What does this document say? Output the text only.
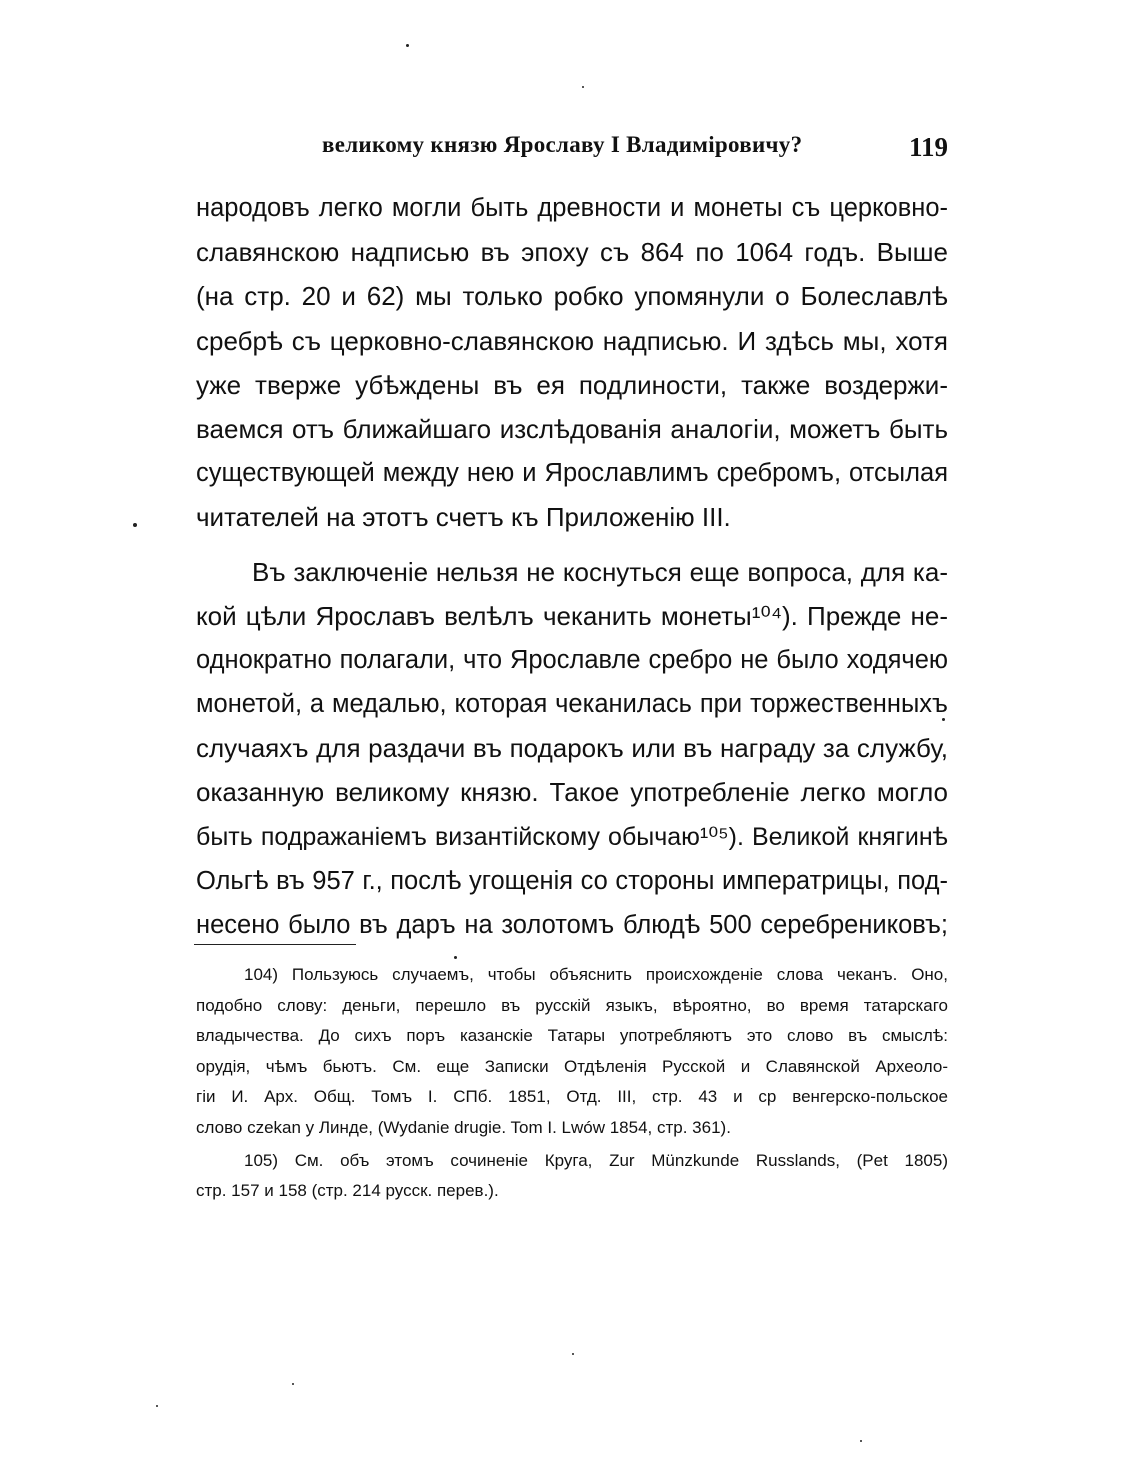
великому князю Ярославу I Владиміровичу?	119
народовъ легко могли быть древности и монеты съ церковно-
славянскою надписью въ эпоху съ 864 по 1064 годъ. Выше
(на стр. 20 и 62) мы только робко упомянули о Болеславлѣ
сребрѣ съ церковно-славянскою надписью. И здѣсь мы, хотя
уже тверже убѣждены въ ея подлиности, также воздержи-
ваемся отъ ближайшаго изслѣдованія аналогіи, можетъ быть
существующей между нею и Ярославлимъ сребромъ, отсылая
читателей на этотъ счетъ къ Приложенію III.
Въ заключеніе нельзя не коснуться еще вопроса, для ка-
кой цѣли Ярославъ велѣлъ чеканить монеты¹⁰⁴). Прежде не-
однократно полагали, что Ярославле сребро не было ходячею
монетой, а медалью, которая чеканилась при торжественныхъ
случаяхъ для раздачи въ подарокъ или въ награду за службу,
оказанную великому князю. Такое употребленіе легко могло
быть подражаніемъ византійскому обычаю¹⁰⁵). Великой княгинѣ
Ольгѣ въ 957 г., послѣ угощенія со стороны императрицы, под-
несено было въ даръ на золотомъ блюдѣ 500 серебрениковъ;
104) Пользуюсь случаемъ, чтобы объяснить происхожденіе слова чеканъ. Оно,
подобно слову: деньги, перешло въ русскій языкъ, вѣроятно, во время татарскаго
владычества. До сихъ поръ казанскіе Татары употребляютъ это слово въ смыслѣ:
орудія, чѣмъ бьютъ. См. еще Записки Отдѣленія Русской и Славянской Археоло-
гіи И. Арх. Общ. Томъ I. СПб. 1851, Отд. III, стр. 43 и ср венгерско-польское
слово czekan у Линде, (Wydanie drugie. Tom I. Lwów 1854, стр. 361).
105) См. объ этомъ сочиненіе Круга, Zur Münzkunde Russlands, (Pet 1805)
стр. 157 и 158 (стр. 214 русск. перев.).
